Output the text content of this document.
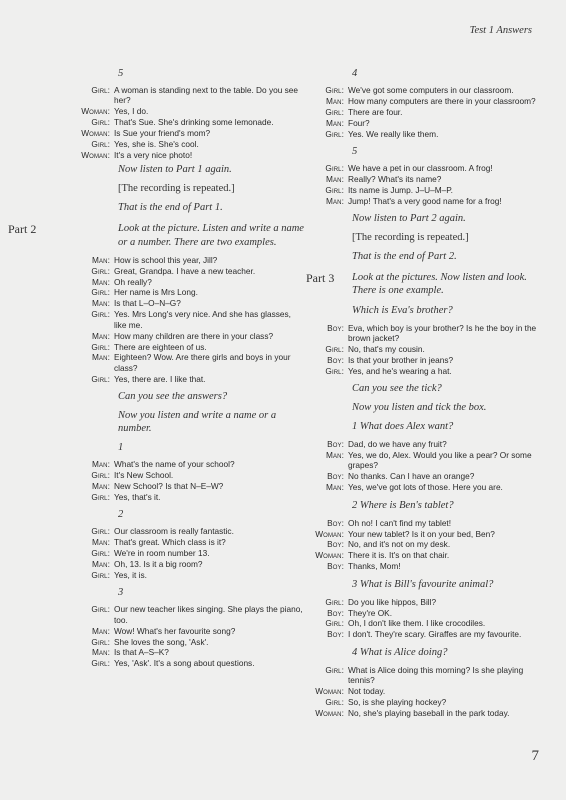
Test 1 Answers
5
Girl: A woman is standing next to the table. Do you see her?
Woman: Yes, I do.
Girl: That's Sue. She's drinking some lemonade.
Woman: Is Sue your friend's mom?
Girl: Yes, she is. She's cool.
Woman: It's a very nice photo!
Now listen to Part 1 again.
[The recording is repeated.]
That is the end of Part 1.
Part 2	Look at the picture. Listen and write a name or a number. There are two examples.
Man: How is school this year, Jill?
Girl: Great, Grandpa. I have a new teacher.
Man: Oh really?
Girl: Her name is Mrs Long.
Man: Is that L–O–N–G?
Girl: Yes. Mrs Long's very nice. And she has glasses, like me.
Man: How many children are there in your class?
Girl: There are eighteen of us.
Man: Eighteen? Wow. Are there girls and boys in your class?
Girl: Yes, there are. I like that.
Can you see the answers?
Now you listen and write a name or a number.
1
Man: What's the name of your school?
Girl: It's New School.
Man: New School? Is that N–E–W?
Girl: Yes, that's it.
2
Girl: Our classroom is really fantastic.
Man: That's great. Which class is it?
Girl: We're in room number 13.
Man: Oh, 13. Is it a big room?
Girl: Yes, it is.
3
Girl: Our new teacher likes singing. She plays the piano, too.
Man: Wow! What's her favourite song?
Girl: She loves the song, 'Ask'.
Man: Is that A–S–K?
Girl: Yes, 'Ask'. It's a song about questions.
4
Girl: We've got some computers in our classroom.
Man: How many computers are there in your classroom?
Girl: There are four.
Man: Four?
Girl: Yes. We really like them.
5
Girl: We have a pet in our classroom. A frog!
Man: Really? What's its name?
Girl: Its name is Jump. J–U–M–P.
Man: Jump! That's a very good name for a frog!
Now listen to Part 2 again.
[The recording is repeated.]
That is the end of Part 2.
Part 3 Look at the pictures. Now listen and look. There is one example.
Which is Eva's brother?
Boy: Eva, which boy is your brother? Is he the boy in the brown jacket?
Girl: No, that's my cousin.
Boy: Is that your brother in jeans?
Girl: Yes, and he's wearing a hat.
Can you see the tick?
Now you listen and tick the box.
1 What does Alex want?
Boy: Dad, do we have any fruit?
Man: Yes, we do, Alex. Would you like a pear? Or some grapes?
Boy: No thanks. Can I have an orange?
Man: Yes, we've got lots of those. Here you are.
2 Where is Ben's tablet?
Boy: Oh no! I can't find my tablet!
Woman: Your new tablet? Is it on your bed, Ben?
Boy: No, and it's not on my desk.
Woman: There it is. It's on that chair.
Boy: Thanks, Mom!
3 What is Bill's favourite animal?
Girl: Do you like hippos, Bill?
Boy: They're OK.
Girl: Oh, I don't like them. I like crocodiles.
Boy: I don't. They're scary. Giraffes are my favourite.
4 What is Alice doing?
Girl: What is Alice doing this morning? Is she playing tennis?
Woman: Not today.
Girl: So, is she playing hockey?
Woman: No, she's playing baseball in the park today.
7
